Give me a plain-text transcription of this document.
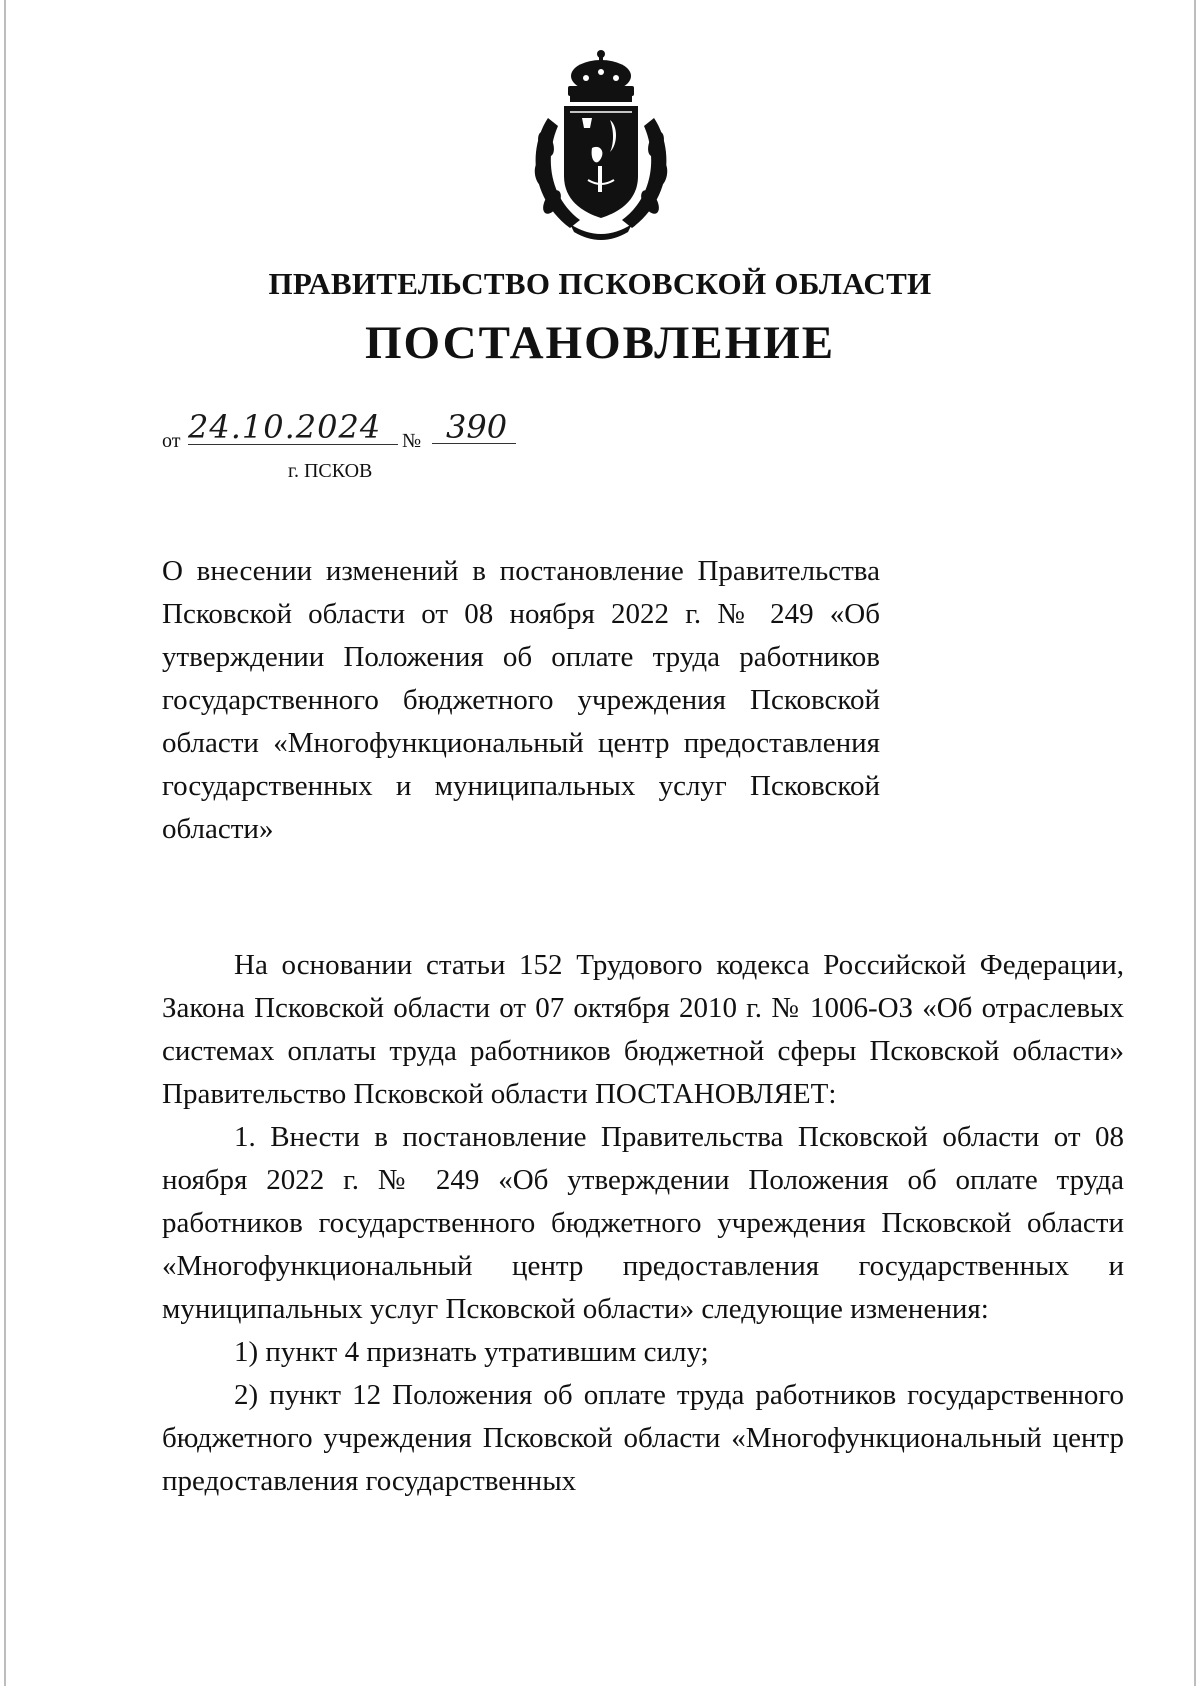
ПРАВИТЕЛЬСТВО ПСКОВСКОЙ ОБЛАСТИ
ПОСТАНОВЛЕНИЕ
от 24.10.2024	№ 390
г. ПСКОВ
О внесении изменений в постановление Правительства Псковской области от 08 ноября 2022 г. № 249 «Об утверждении Положения об оплате труда работников государственного бюджетного учреждения Псковской области «Многофункциональный центр предоставления государственных и муниципальных услуг Псковской области»

На основании статьи 152 Трудового кодекса Российской Федерации, Закона Псковской области от 07 октября 2010 г. № 1006-ОЗ «Об отраслевых системах оплаты труда работников бюджетной сферы Псковской области» Правительство Псковской области ПОСТАНОВЛЯЕТ:

1. Внести в постановление Правительства Псковской области от 08 ноября 2022 г. № 249 «Об утверждении Положения об оплате труда работников государственного бюджетного учреждения Псковской области «Многофункциональный центр предоставления государственных и муниципальных услуг Псковской области» следующие изменения:

1) пункт 4 признать утратившим силу;

2) пункт 12 Положения об оплате труда работников государственного бюджетного учреждения Псковской области «Многофункциональный центр предоставления государственных
